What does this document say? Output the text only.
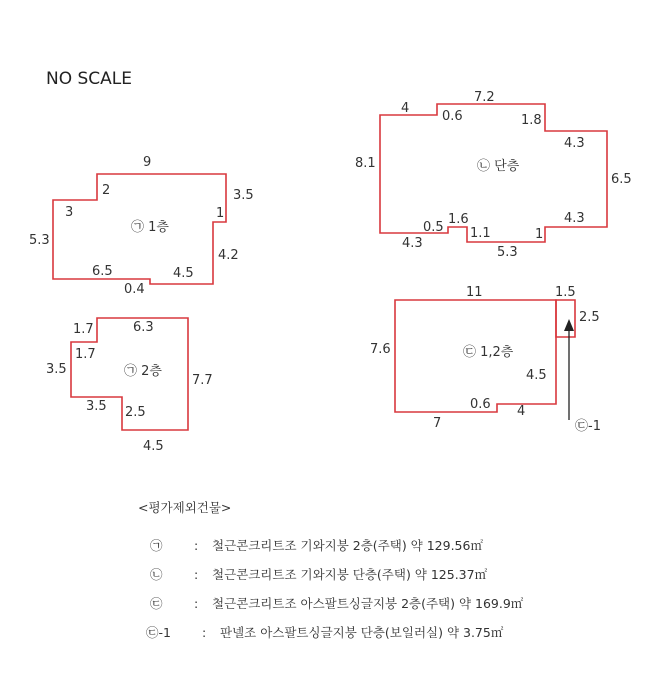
NO SCALE
9
3.5
1
4.2
4.5
0.4
6.5
5.3
3
2
㉠ 1층
6.3
7.7
4.5
2.5
3.5
3.5
1.7
1.7
㉠ 2층
7.2
0.6
4
1.8
4.3
6.5
4.3
1
5.3
1.1
1.6
0.5
4.3
8.1	㉡ 단층
11	1.5
2.5
4.5
4
0.6
7
7.6	㉢ 1,2층
㉢-1
<평가제외건물>
㉠	:	철근콘크리트조 기와지붕 2층(주택) 약 129.56㎡
㉡	:	철근콘크리트조 기와지붕 단층(주택) 약 125.37㎡
㉢	:	철근콘크리트조 아스팔트싱글지붕 2층(주택) 약 169.9㎡
㉢-1	:	판넬조 아스팔트싱글지붕 단층(보일러실) 약 3.75㎡
